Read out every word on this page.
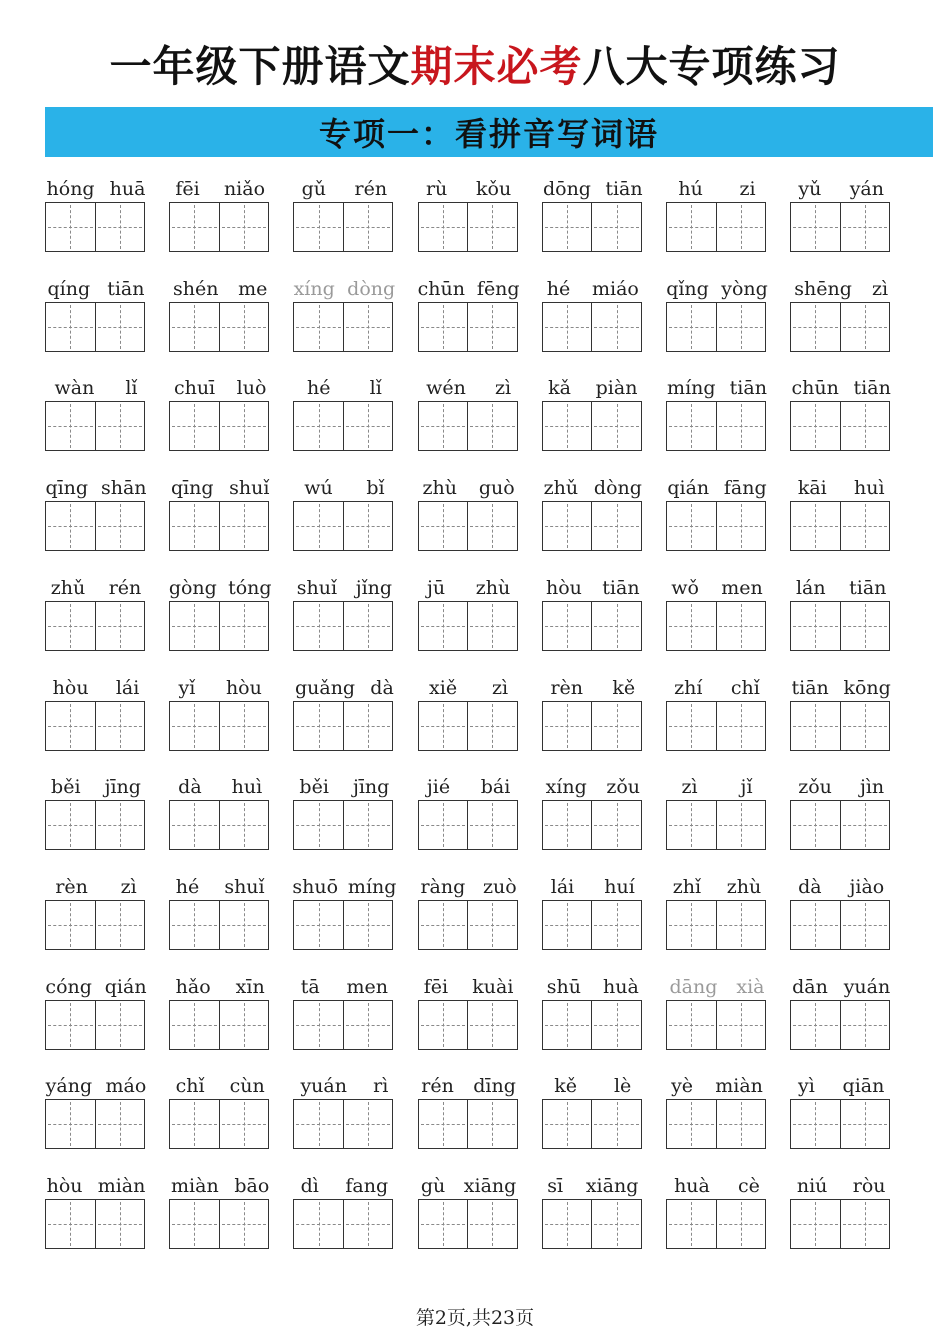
一年级下册语文期末必考八大专项练习
专项一：看拼音写词语
hóng huā fēi niǎo gǔ rén rù kǒu dōng tiān hú zi yǔ yán
qíng tiān shén me xíng dòng chūn fēng hé miáo qǐng yòng shēng zì
wàn lǐ chuī luò hé lǐ wén zì kǎ piàn míng tiān chūn tiān
qīng shān qīng shuǐ wú bǐ zhù guò zhǔ dòng qián fāng kāi huì
zhǔ rén gòng tóng shuǐ jǐng jū zhù hòu tiān wǒ men lán tiān
hòu lái yǐ hòu guǎng dà xiě zì rèn kě zhí chǐ tiān kōng
běi jīng dà huì běi jīng jié bái xíng zǒu zì jǐ zǒu jìn
rèn zì hé shuǐ shuō míng ràng zuò lái huí zhǐ zhù dà jiào
cóng qián hǎo xīn tā men fēi kuài shū huà dāng xià dān yuán
yáng máo chǐ cùn yuán rì rén dīng kě lè yè miàn yì qiān
hòu miàn miàn bāo dì fang gù xiāng sī xiāng huà cè niú ròu
第2页,共23页
